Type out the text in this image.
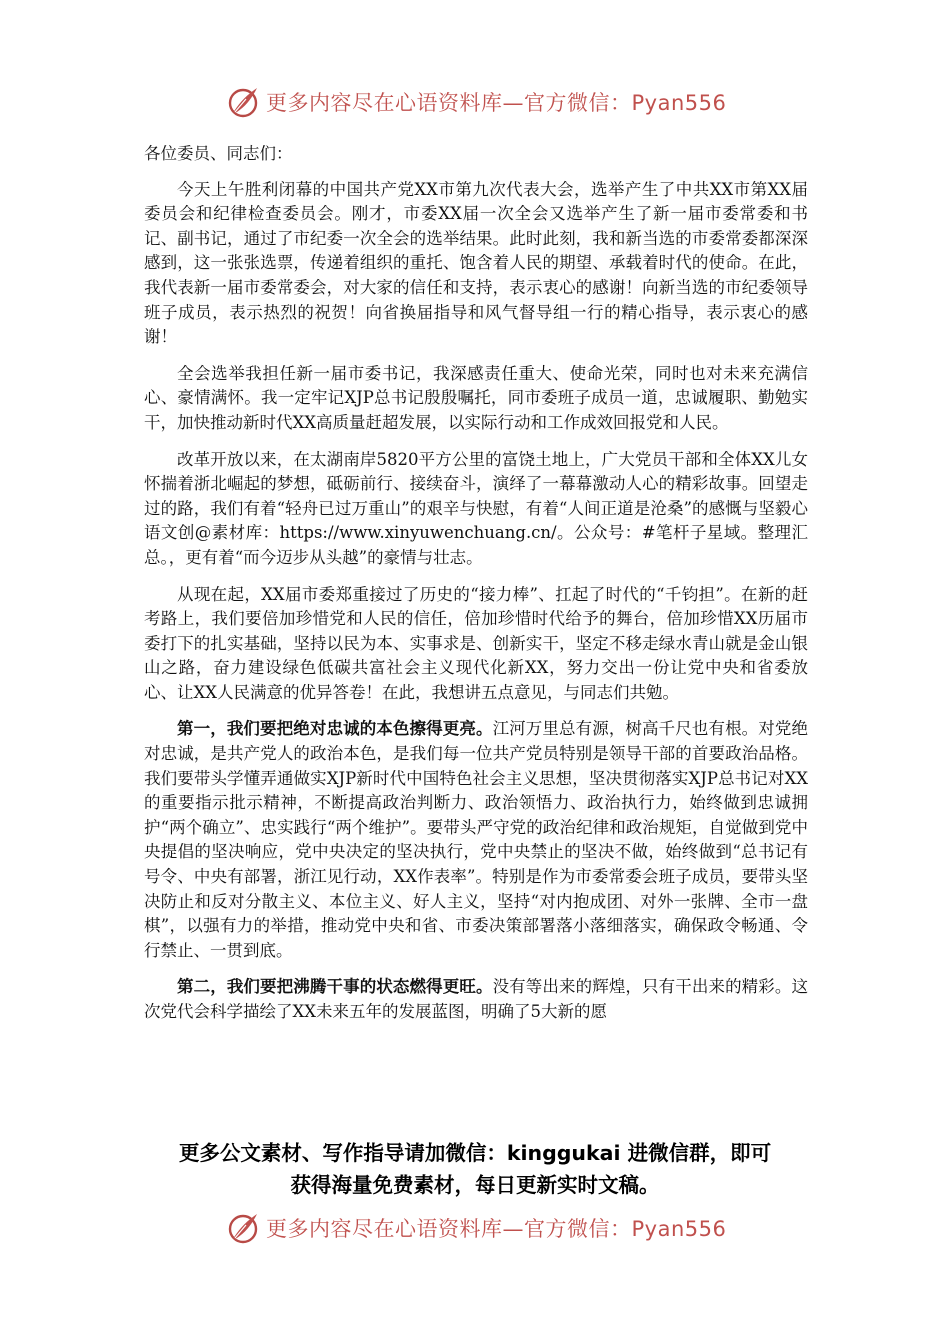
更多内容尽在心语资料库—官方微信：Pyan556

各位委员、同志们：

今天上午胜利闭幕的中国共产党XX市第九次代表大会，选举产生了中共XX市第XX届委员会和纪律检查委员会。刚才，市委XX届一次全会又选举产生了新一届市委常委和书记、副书记，通过了市纪委一次全会的选举结果。此时此刻，我和新当选的市委常委都深深感到，这一张张选票，传递着组织的重托、饱含着人民的期望、承载着时代的使命。在此，我代表新一届市委常委会，对大家的信任和支持，表示衷心的感谢！向新当选的市纪委领导班子成员，表示热烈的祝贺！向省换届指导和风气督导组一行的精心指导，表示衷心的感谢！

全会选举我担任新一届市委书记，我深感责任重大、使命光荣，同时也对未来充满信心、豪情满怀。我一定牢记XJP总书记殷殷嘱托，同市委班子成员一道，忠诚履职、勤勉实干，加快推动新时代XX高质量赶超发展，以实际行动和工作成效回报党和人民。

改革开放以来，在太湖南岸5820平方公里的富饶土地上，广大党员干部和全体XX儿女怀揣着浙北崛起的梦想，砥砺前行、接续奋斗，演绎了一幕幕激动人心的精彩故事。回望走过的路，我们有着“轻舟已过万重山”的艰辛与快慰，有着“人间正道是沧桑”的感慨与坚毅心语文创@素材库：https://www.xinyuwenchuang.cn/。公众号：#笔杆子星域。整理汇总。，更有着“而今迈步从头越”的豪情与壮志。

从现在起，XX届市委郑重接过了历史的“接力棒”、扛起了时代的“千钧担”。在新的赶考路上，我们要倍加珍惜党和人民的信任，倍加珍惜时代给予的舞台，倍加珍惜XX历届市委打下的扎实基础，坚持以民为本、实事求是、创新实干，坚定不移走绿水青山就是金山银山之路，奋力建设绿色低碳共富社会主义现代化新XX，努力交出一份让党中央和省委放心、让XX人民满意的优异答卷！在此，我想讲五点意见，与同志们共勉。

第一，我们要把绝对忠诚的本色擦得更亮。江河万里总有源，树高千尺也有根。对党绝对忠诚，是共产党人的政治本色，是我们每一位共产党员特别是领导干部的首要政治品格。我们要带头学懂弄通做实XJP新时代中国特色社会主义思想，坚决贯彻落实XJP总书记对XX的重要指示批示精神，不断提高政治判断力、政治领悟力、政治执行力，始终做到忠诚拥护“两个确立”、忠实践行“两个维护”。要带头严守党的政治纪律和政治规矩，自觉做到党中央提倡的坚决响应，党中央决定的坚决执行，党中央禁止的坚决不做，始终做到“总书记有号令、中央有部署，浙江见行动，XX作表率”。特别是作为市委常委会班子成员，要带头坚决防止和反对分散主义、本位主义、好人主义，坚持“对内抱成团、对外一张牌、全市一盘棋”，以强有力的举措，推动党中央和省、市委决策部署落小落细落实，确保政令畅通、令行禁止、一贯到底。

第二，我们要把沸腾干事的状态燃得更旺。没有等出来的辉煌，只有干出来的精彩。这次党代会科学描绘了XX未来五年的发展蓝图，明确了5大新的愿

更多公文素材、写作指导请加微信：kinggukai 进微信群，即可
获得海量免费素材，每日更新实时文稿。
更多内容尽在心语资料库—官方微信：Pyan556
